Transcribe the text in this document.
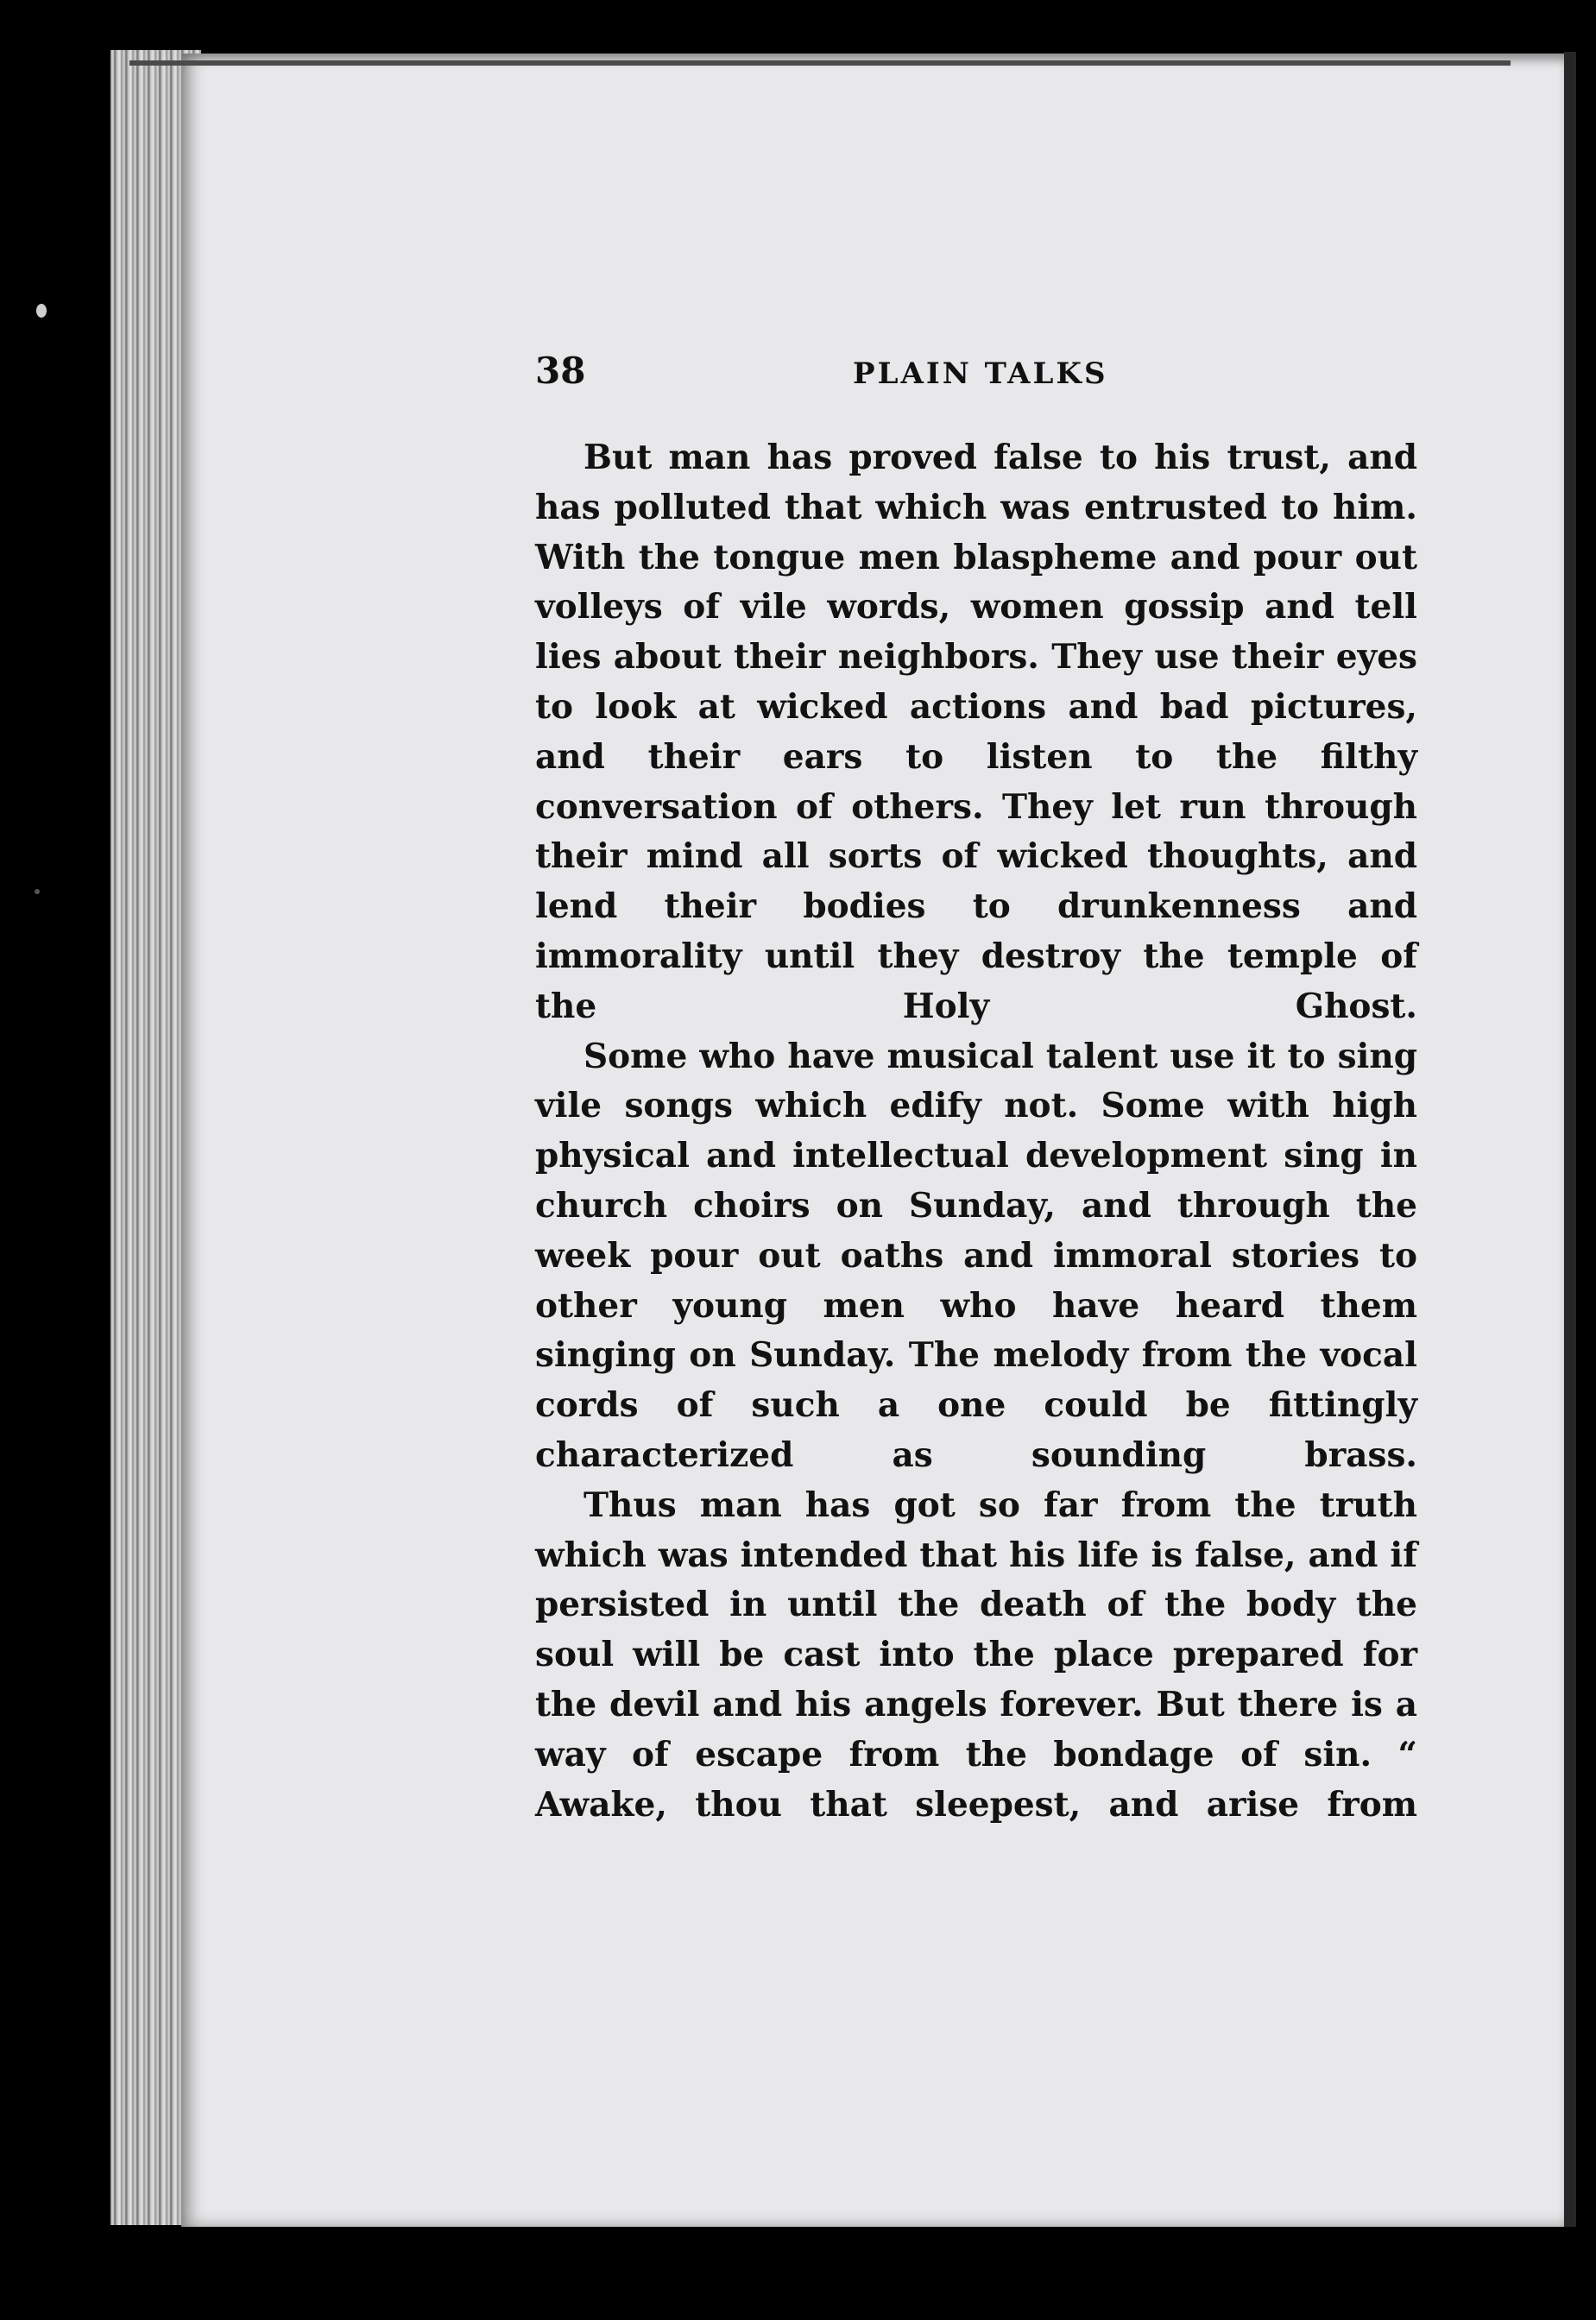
38	PLAIN TALKS

But man has proved false to his trust, and has polluted that which was entrusted to him. With the tongue men blaspheme and pour out volleys of vile words, women gossip and tell lies about their neighbors. They use their eyes to look at wicked actions and bad pictures, and their ears to listen to the filthy conversation of others. They let run through their mind all sorts of wicked thoughts, and lend their bodies to drunkenness and immorality until they destroy the temple of the Holy Ghost.

Some who have musical talent use it to sing vile songs which edify not. Some with high physical and intellectual development sing in church choirs on Sunday, and through the week pour out oaths and immoral stories to other young men who have heard them singing on Sunday. The melody from the vocal cords of such a one could be fittingly characterized as sounding brass.

Thus man has got so far from the truth which was intended that his life is false, and if persisted in until the death of the body the soul will be cast into the place prepared for the devil and his angels forever. But there is a way of escape from the bondage of sin. “ Awake, thou that sleepest, and arise from
